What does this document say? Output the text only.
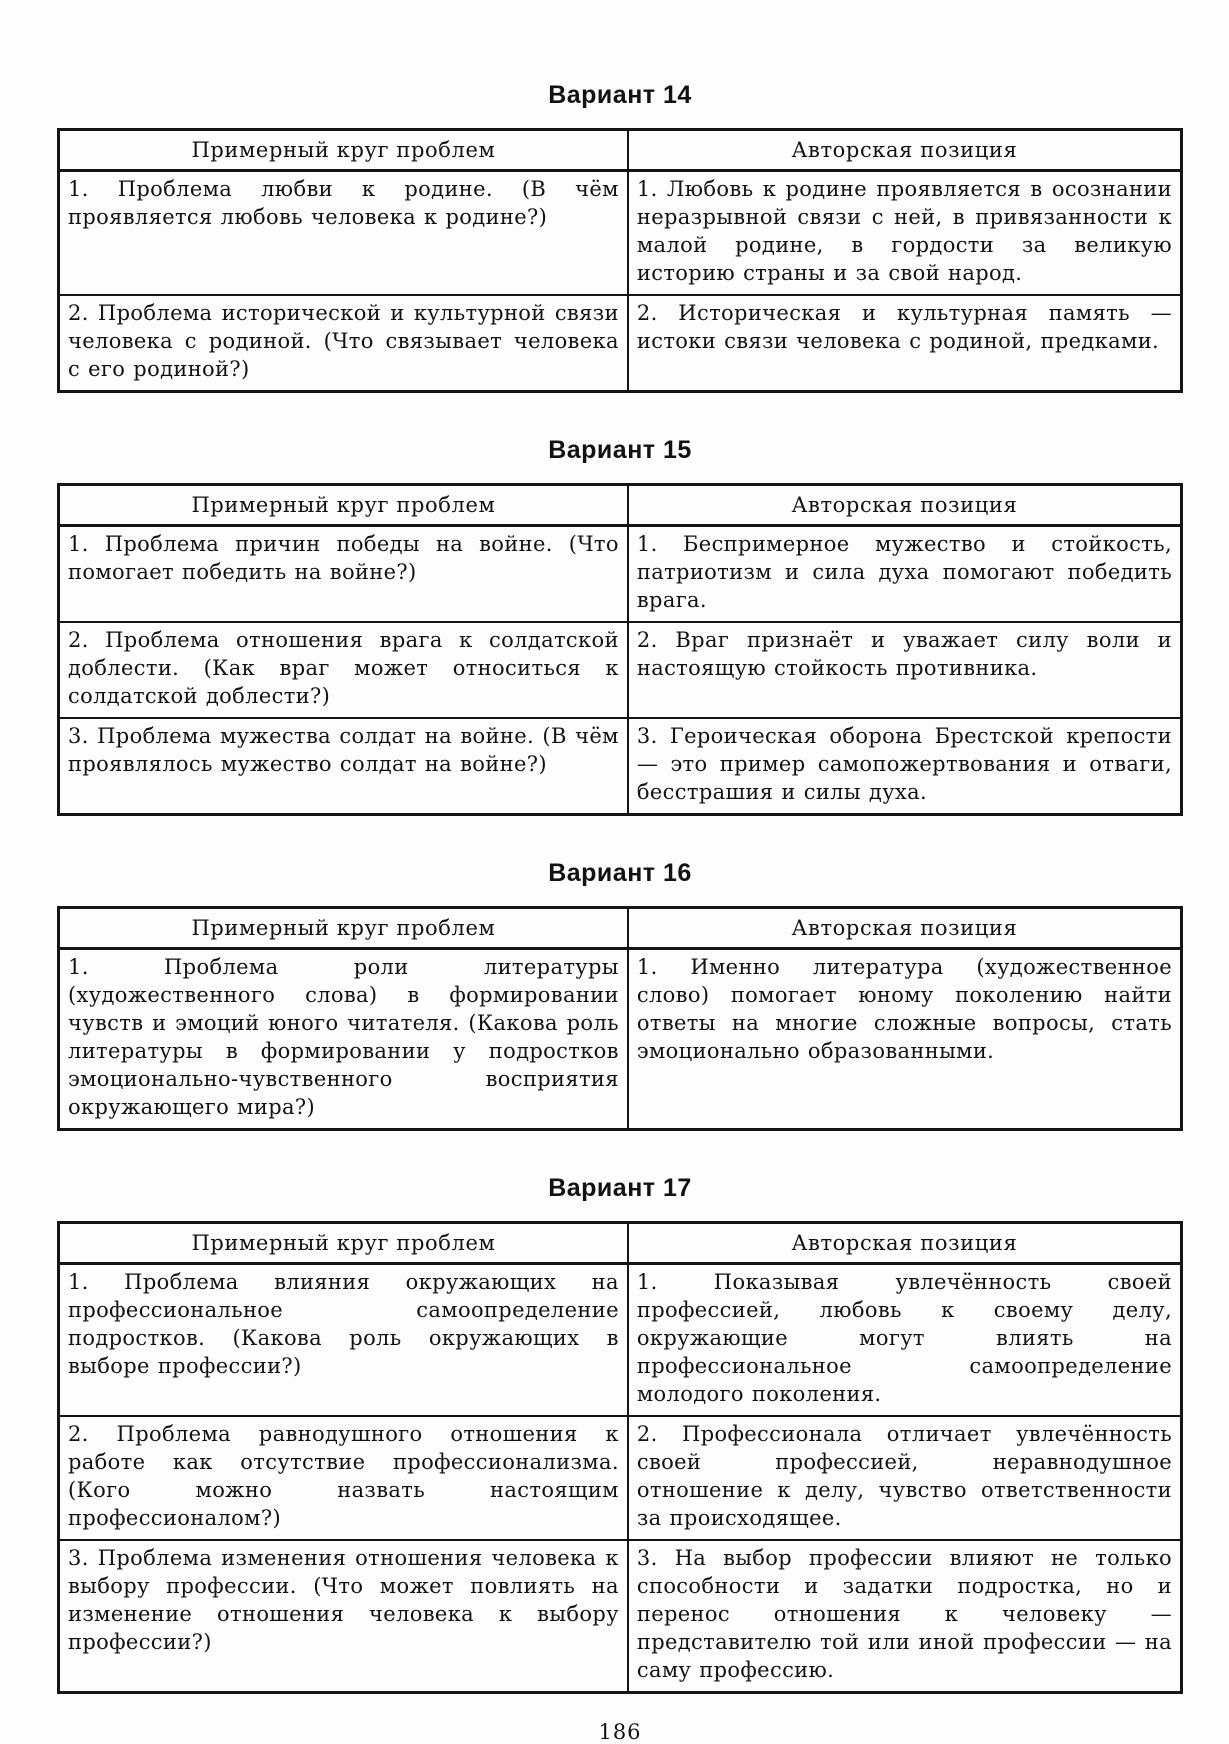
Вариант 14
Примерный круг проблем	Авторская позиция
1. Проблема любви к родине. (В чём проявляется любовь человека к родине?)	1. Любовь к родине проявляется в осознании неразрывной связи с ней, в привязанности к малой родине, в гордости за великую историю страны и за свой народ.
2. Проблема исторической и культурной связи человека с родиной. (Что связывает человека с его родиной?)	2. Историческая и культурная память — истоки связи человека с родиной, предками.
Вариант 15
Примерный круг проблем	Авторская позиция
1. Проблема причин победы на войне. (Что помогает победить на войне?)	1. Беспримерное мужество и стойкость, патриотизм и сила духа помогают победить врага.
2. Проблема отношения врага к солдатской доблести. (Как враг может относиться к солдатской доблести?)	2. Враг признаёт и уважает силу воли и настоящую стойкость противника.
3. Проблема мужества солдат на войне. (В чём проявлялось мужество солдат на войне?)	3. Героическая оборона Брестской крепости — это пример самопожертвования и отваги, бесстрашия и силы духа.
Вариант 16
Примерный круг проблем	Авторская позиция
1. Проблема роли литературы (художественного слова) в формировании чувств и эмоций юного читателя. (Какова роль литературы в формировании у подростков эмоционально-чувственного восприятия окружающего мира?)	1. Именно литература (художественное слово) помогает юному поколению найти ответы на многие сложные вопросы, стать эмоционально образованными.
Вариант 17
Примерный круг проблем	Авторская позиция
1. Проблема влияния окружающих на профессиональное самоопределение подростков. (Какова роль окружающих в выборе профессии?)	1. Показывая увлечённость своей профессией, любовь к своему делу, окружающие могут влиять на профессиональное самоопределение молодого поколения.
2. Проблема равнодушного отношения к работе как отсутствие профессионализма. (Кого можно назвать настоящим профессионалом?)	2. Профессионала отличает увлечённость своей профессией, неравнодушное отношение к делу, чувство ответственности за происходящее.
3. Проблема изменения отношения человека к выбору профессии. (Что может повлиять на изменение отношения человека к выбору профессии?)	3. На выбор профессии влияют не только способности и задатки подростка, но и перенос отношения к человеку — представителю той или иной профессии — на саму профессию.
186
